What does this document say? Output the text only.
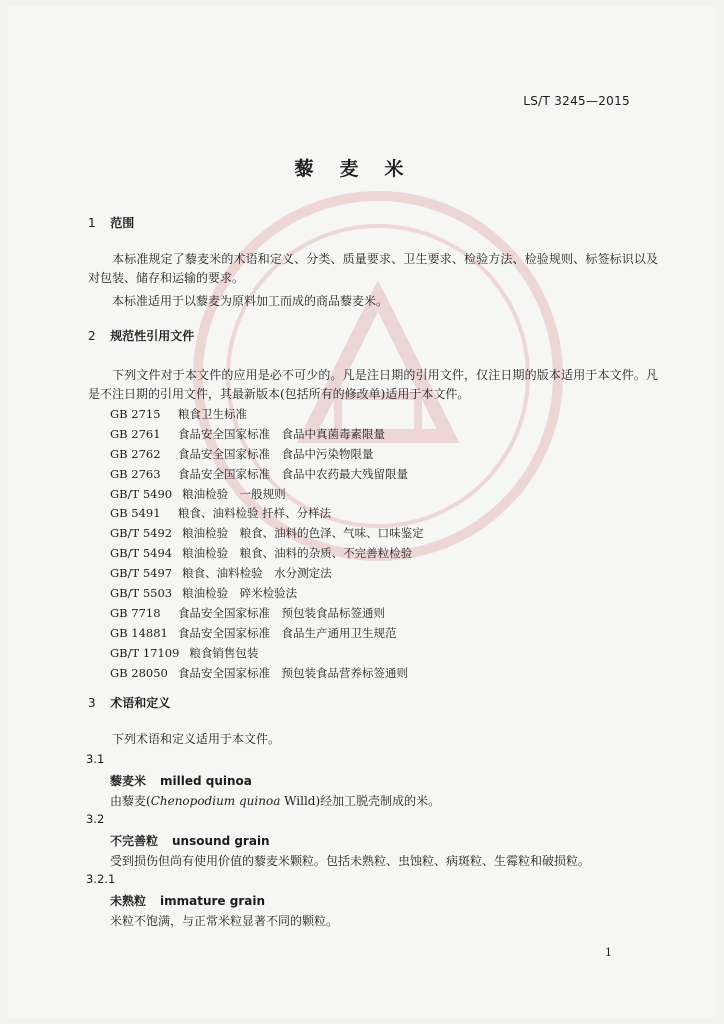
LS/T 3245—2015
藜麦米
1 范围
本标准规定了藜麦米的术语和定义、分类、质量要求、卫生要求、检验方法、检验规则、标签标识以及对包装、储存和运输的要求。
本标准适用于以藜麦为原料加工而成的商品藜麦米。
2 规范性引用文件
下列文件对于本文件的应用是必不可少的。凡是注日期的引用文件，仅注日期的版本适用于本文件。凡是不注日期的引用文件，其最新版本(包括所有的修改单)适用于本文件。
GB 2715 粮食卫生标准
GB 2761 食品安全国家标准　食品中真菌毒素限量
GB 2762 食品安全国家标准　食品中污染物限量
GB 2763 食品安全国家标准　食品中农药最大残留限量
GB/T 5490 粮油检验　一般规则
GB 5491 粮食、油料检验 扦样、分样法
GB/T 5492 粮油检验　粮食、油料的色泽、气味、口味鉴定
GB/T 5494 粮油检验　粮食、油料的杂质、不完善粒检验
GB/T 5497 粮食、油料检验　水分测定法
GB/T 5503 粮油检验　碎米检验法
GB 7718 食品安全国家标准　预包装食品标签通则
GB 14881 食品安全国家标准　食品生产通用卫生规范
GB/T 17109 粮食销售包装
GB 28050 食品安全国家标准　预包装食品营养标签通则
3 术语和定义
下列术语和定义适用于本文件。
3.1
藜麦米 milled quinoa
由藜麦(Chenopodium quinoa Willd)经加工脱壳制成的米。
3.2
不完善粒 unsound grain
受到损伤但尚有使用价值的藜麦米颗粒。包括未熟粒、虫蚀粒、病斑粒、生霉粒和破损粒。
3.2.1
未熟粒 immature grain
米粒不饱满，与正常米粒显著不同的颗粒。
1
